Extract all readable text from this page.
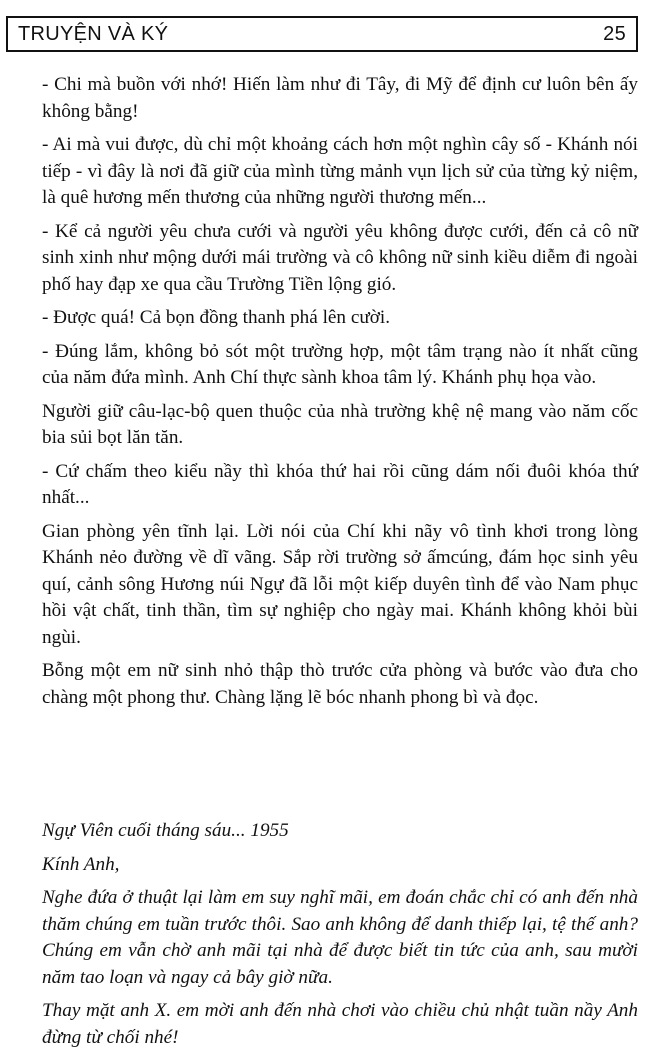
TRUYỆN VÀ KÝ	25

- Chi mà buồn với nhớ! Hiến làm như đi Tây, đi Mỹ để định cư luôn bên ấy không bằng!

- Ai mà vui được, dù chỉ một khoảng cách hơn một nghìn cây số - Khánh nói tiếp - vì đây là nơi đã giữ của mình từng mảnh vụn lịch sử của từng kỷ niệm, là quê hương mến thương của những người thương mến...

- Kể cả người yêu chưa cưới và người yêu không được cưới, đến cả cô nữ sinh xinh như mộng dưới mái trường và cô không nữ sinh kiều diễm đi ngoài phố hay đạp xe qua cầu Trường Tiền lộng gió.

- Được quá! Cả bọn đồng thanh phá lên cười.

- Đúng lắm, không bỏ sót một trường hợp, một tâm trạng nào ít nhất cũng của năm đứa mình. Anh Chí thực sành khoa tâm lý. Khánh phụ họa vào.

Người giữ câu-lạc-bộ quen thuộc của nhà trường khệ nệ mang vào năm cốc bia sủi bọt lăn tăn.

- Cứ chấm theo kiểu nầy thì khóa thứ hai rồi cũng dám nối đuôi khóa thứ nhất...

Gian phòng yên tĩnh lại. Lời nói của Chí khi nãy vô tình khơi trong lòng Khánh nẻo đường về dĩ vãng. Sắp rời trường sở ấmcúng, đám học sinh yêu quí, cảnh sông Hương núi Ngự đã lỗi một kiếp duyên tình để vào Nam phục hồi vật chất, tinh thần, tìm sự nghiệp cho ngày mai. Khánh không khỏi bùi ngùi.

Bỗng một em nữ sinh nhỏ thập thò trước cửa phòng và bước vào đưa cho chàng một phong thư. Chàng lặng lẽ bóc nhanh phong bì và đọc.

Ngự Viên cuối tháng sáu... 1955

Kính Anh,

Nghe đứa ở thuật lại làm em suy nghĩ mãi, em đoán chắc chỉ có anh đến nhà thăm chúng em tuần trước thôi. Sao anh không để danh thiếp lại, tệ thế anh? Chúng em vẫn chờ anh mãi tại nhà để được biết tin tức của anh, sau mười năm tao loạn và ngay cả bây giờ nữa.

Thay mặt anh X. em mời anh đến nhà chơi vào chiều chủ nhật tuần nầy Anh đừng từ chối nhé!
